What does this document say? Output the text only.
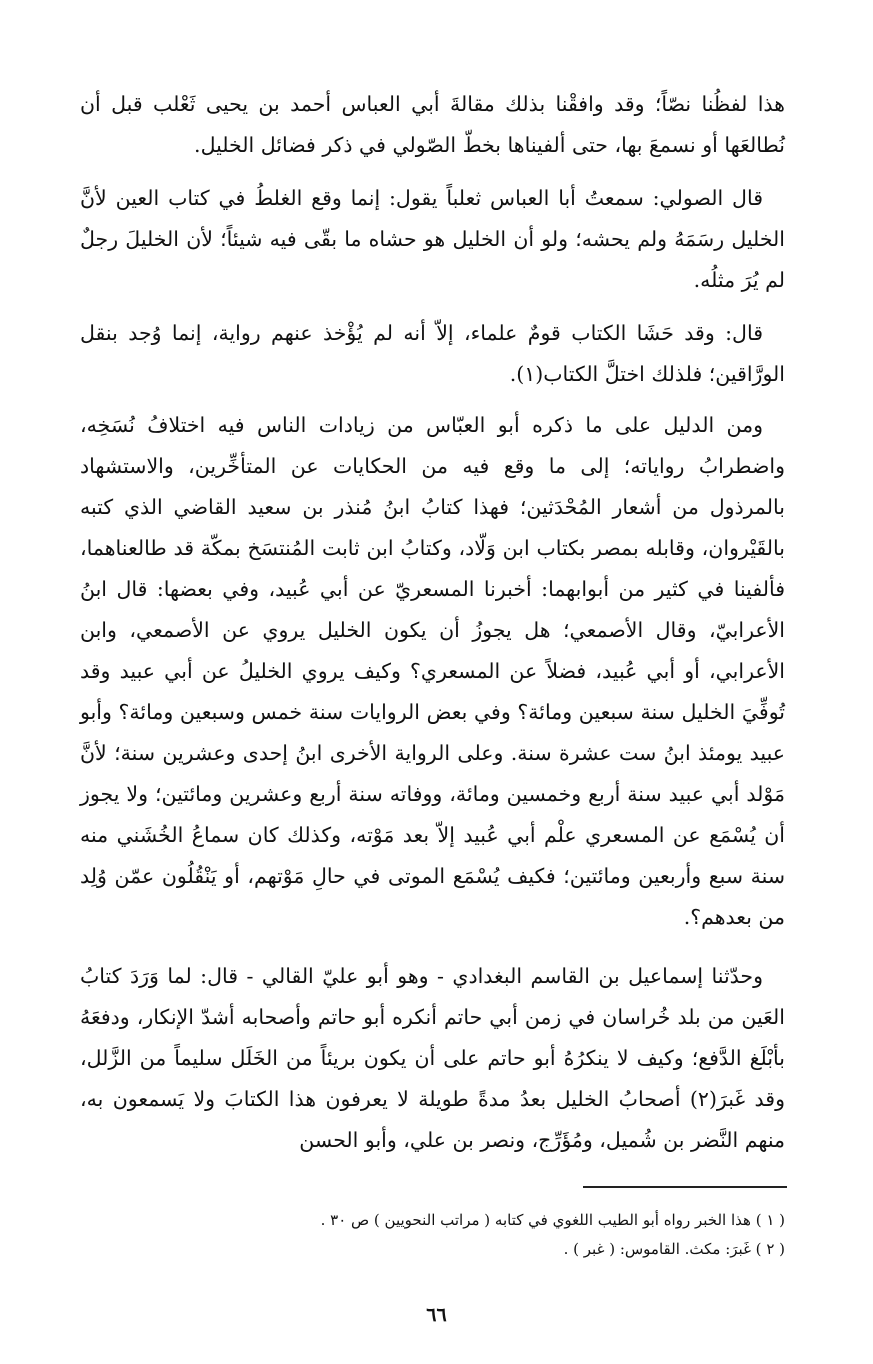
هذا لفظُنا نصّاً؛ وقد وافقْنا بذلك مقالةَ أبي العباس أحمد بن يحيى ثَعْلب قبل أن نُطالعَها أو نسمعَ بها، حتى ألفيناها بخطّ الصّولي في ذكر فضائل الخليل.

قال الصولي: سمعتُ أبا العباس ثعلباً يقول: إنما وقع الغلطُ في كتاب العين لأنَّ الخليل رسَمَهُ ولم يحشه؛ ولو أن الخليل هو حشاه ما بقّى فيه شيئاً؛ لأن الخليلَ رجلٌ لم يُرَ مثلُه.

قال: وقد حَشَا الكتاب قومٌ علماء، إلاّ أنه لم يُؤْخذ عنهم رواية، إنما وُجد بنقل الورَّاقين؛ فلذلك اختلَّ الكتاب(١).

ومن الدليل على ما ذكره أبو العبّاس من زيادات الناس فيه اختلافُ نُسَخِه، واضطرابُ رواياته؛ إلى ما وقع فيه من الحكايات عن المتأخِّرين، والاستشهاد بالمرذول من أشعار المُحْدَثين؛ فهذا كتابُ ابنُ مُنذر بن سعيد القاضي الذي كتبه بالقَيْروان، وقابله بمصر بكتاب ابن وَلّاد، وكتابُ ابن ثابت المُنتسَخ بمكّة قد طالعناهما، فألفينا في كثير من أبوابهما: أخبرنا المسعريّ عن أبي عُبيد، وفي بعضها: قال ابنُ الأعرابيّ، وقال الأصمعي؛ هل يجوزُ أن يكون الخليل يروي عن الأصمعي، وابن الأعرابي، أو أبي عُبيد، فضلاً عن المسعري؟ وكيف يروي الخليلُ عن أبي عبيد وقد تُوفِّيَ الخليل سنة سبعين ومائة؟ وفي بعض الروايات سنة خمس وسبعين ومائة؟ وأبو عبيد يومئذ ابنُ ست عشرة سنة. وعلى الرواية الأخرى ابنُ إحدى وعشرين سنة؛ لأنَّ مَوْلد أبي عبيد سنة أربع وخمسين ومائة، ووفاته سنة أربع وعشرين ومائتين؛ ولا يجوز أن يُسْمَع عن المسعري علْم أبي عُبيد إلاّ بعد مَوْته، وكذلك كان سماعُ الخُشَني منه سنة سبع وأربعين ومائتين؛ فكيف يُسْمَع الموتى في حالِ مَوْتهم، أو يَنْقُلُون عمّن وُلِد من بعدهم؟.

وحدّثنا إسماعيل بن القاسم البغدادي - وهو أبو عليّ القالي - قال: لما وَرَدَ كتابُ العَين من بلد خُراسان في زمن أبي حاتم أنكره أبو حاتم وأصحابه أشدّ الإنكار، ودفعَهُ بأبْلَغ الدَّفع؛ وكيف لا ينكرُهُ أبو حاتم على أن يكون بريئاً من الخَلَل سليماً من الزَّلل، وقد غَبرَ(٢) أصحابُ الخليل بعدُ مدةً طويلة لا يعرفون هذا الكتابَ ولا يَسمعون به، منهم النَّضر بن شُميل، ومُؤَرِّج، ونصر بن علي، وأبو الحسن

( ١ ) هذا الخبر رواه أبو الطيب اللغوي في كتابه ( مراتب النحويين ) ص ٣٠ .
( ٢ ) غَبرَ: مكث. القاموس: ( غبر ) .
٦٦
